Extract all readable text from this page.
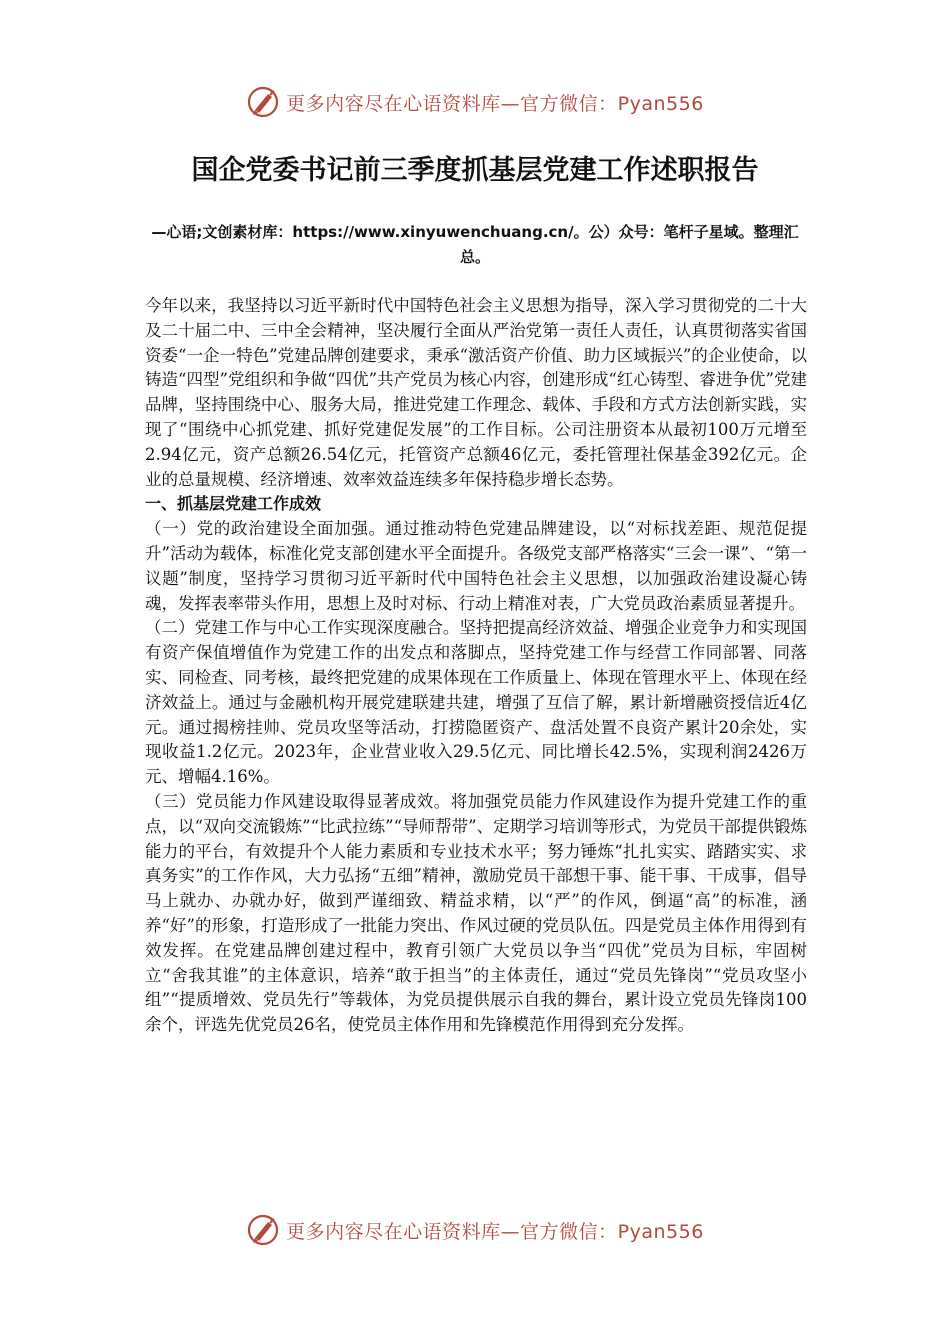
更多内容尽在心语资料库—官方微信：Pyan556
国企党委书记前三季度抓基层党建工作述职报告

—心语;文创素材库：https://www.xinyuwenchuang.cn/。公）众号：笔杆子星域。整理汇总。

今年以来，我坚持以习近平新时代中国特色社会主义思想为指导，深入学习贯彻党的二十大及二十届二中、三中全会精神，坚决履行全面从严治党第一责任人责任，认真贯彻落实省国资委“一企一特色”党建品牌创建要求，秉承“激活资产价值、助力区域振兴”的企业使命，以铸造“四型”党组织和争做“四优”共产党员为核心内容，创建形成“红心铸型、睿进争优”党建品牌，坚持围绕中心、服务大局，推进党建工作理念、载体、手段和方式方法创新实践，实现了“围绕中心抓党建、抓好党建促发展”的工作目标。公司注册资本从最初100万元增至2.94亿元，资产总额26.54亿元，托管资产总额46亿元，委托管理社保基金392亿元。企业的总量规模、经济增速、效率效益连续多年保持稳步增长态势。

一、抓基层党建工作成效

（一）党的政治建设全面加强。通过推动特色党建品牌建设，以“对标找差距、规范促提升”活动为载体，标准化党支部创建水平全面提升。各级党支部严格落实“三会一课”、“第一议题”制度，坚持学习贯彻习近平新时代中国特色社会主义思想，以加强政治建设凝心铸魂，发挥表率带头作用，思想上及时对标、行动上精准对表，广大党员政治素质显著提升。

（二）党建工作与中心工作实现深度融合。坚持把提高经济效益、增强企业竞争力和实现国有资产保值增值作为党建工作的出发点和落脚点，坚持党建工作与经营工作同部署、同落实、同检查、同考核，最终把党建的成果体现在工作质量上、体现在管理水平上、体现在经济效益上。通过与金融机构开展党建联建共建，增强了互信了解，累计新增融资授信近4亿元。通过揭榜挂帅、党员攻坚等活动，打捞隐匿资产、盘活处置不良资产累计20余处，实现收益1.2亿元。2023年，企业营业收入29.5亿元、同比增长42.5%，实现利润2426万元、增幅4.16%。

（三）党员能力作风建设取得显著成效。将加强党员能力作风建设作为提升党建工作的重点，以“双向交流锻炼”“比武拉练”“导师帮带”、定期学习培训等形式，为党员干部提供锻炼能力的平台，有效提升个人能力素质和专业技术水平；努力锤炼“扎扎实实、踏踏实实、求真务实”的工作作风，大力弘扬“五细”精神，激励党员干部想干事、能干事、干成事，倡导马上就办、办就办好，做到严谨细致、精益求精，以“严”的作风，倒逼“高”的标准，涵养“好”的形象，打造形成了一批能力突出、作风过硬的党员队伍。四是党员主体作用得到有效发挥。在党建品牌创建过程中，教育引领广大党员以争当“四优”党员为目标，牢固树立“舍我其谁”的主体意识，培养“敢于担当”的主体责任，通过“党员先锋岗”“党员攻坚小组”“提质增效、党员先行”等载体，为党员提供展示自我的舞台，累计设立党员先锋岗100余个，评选先优党员26名，使党员主体作用和先锋模范作用得到充分发挥。

更多内容尽在心语资料库—官方微信：Pyan556
